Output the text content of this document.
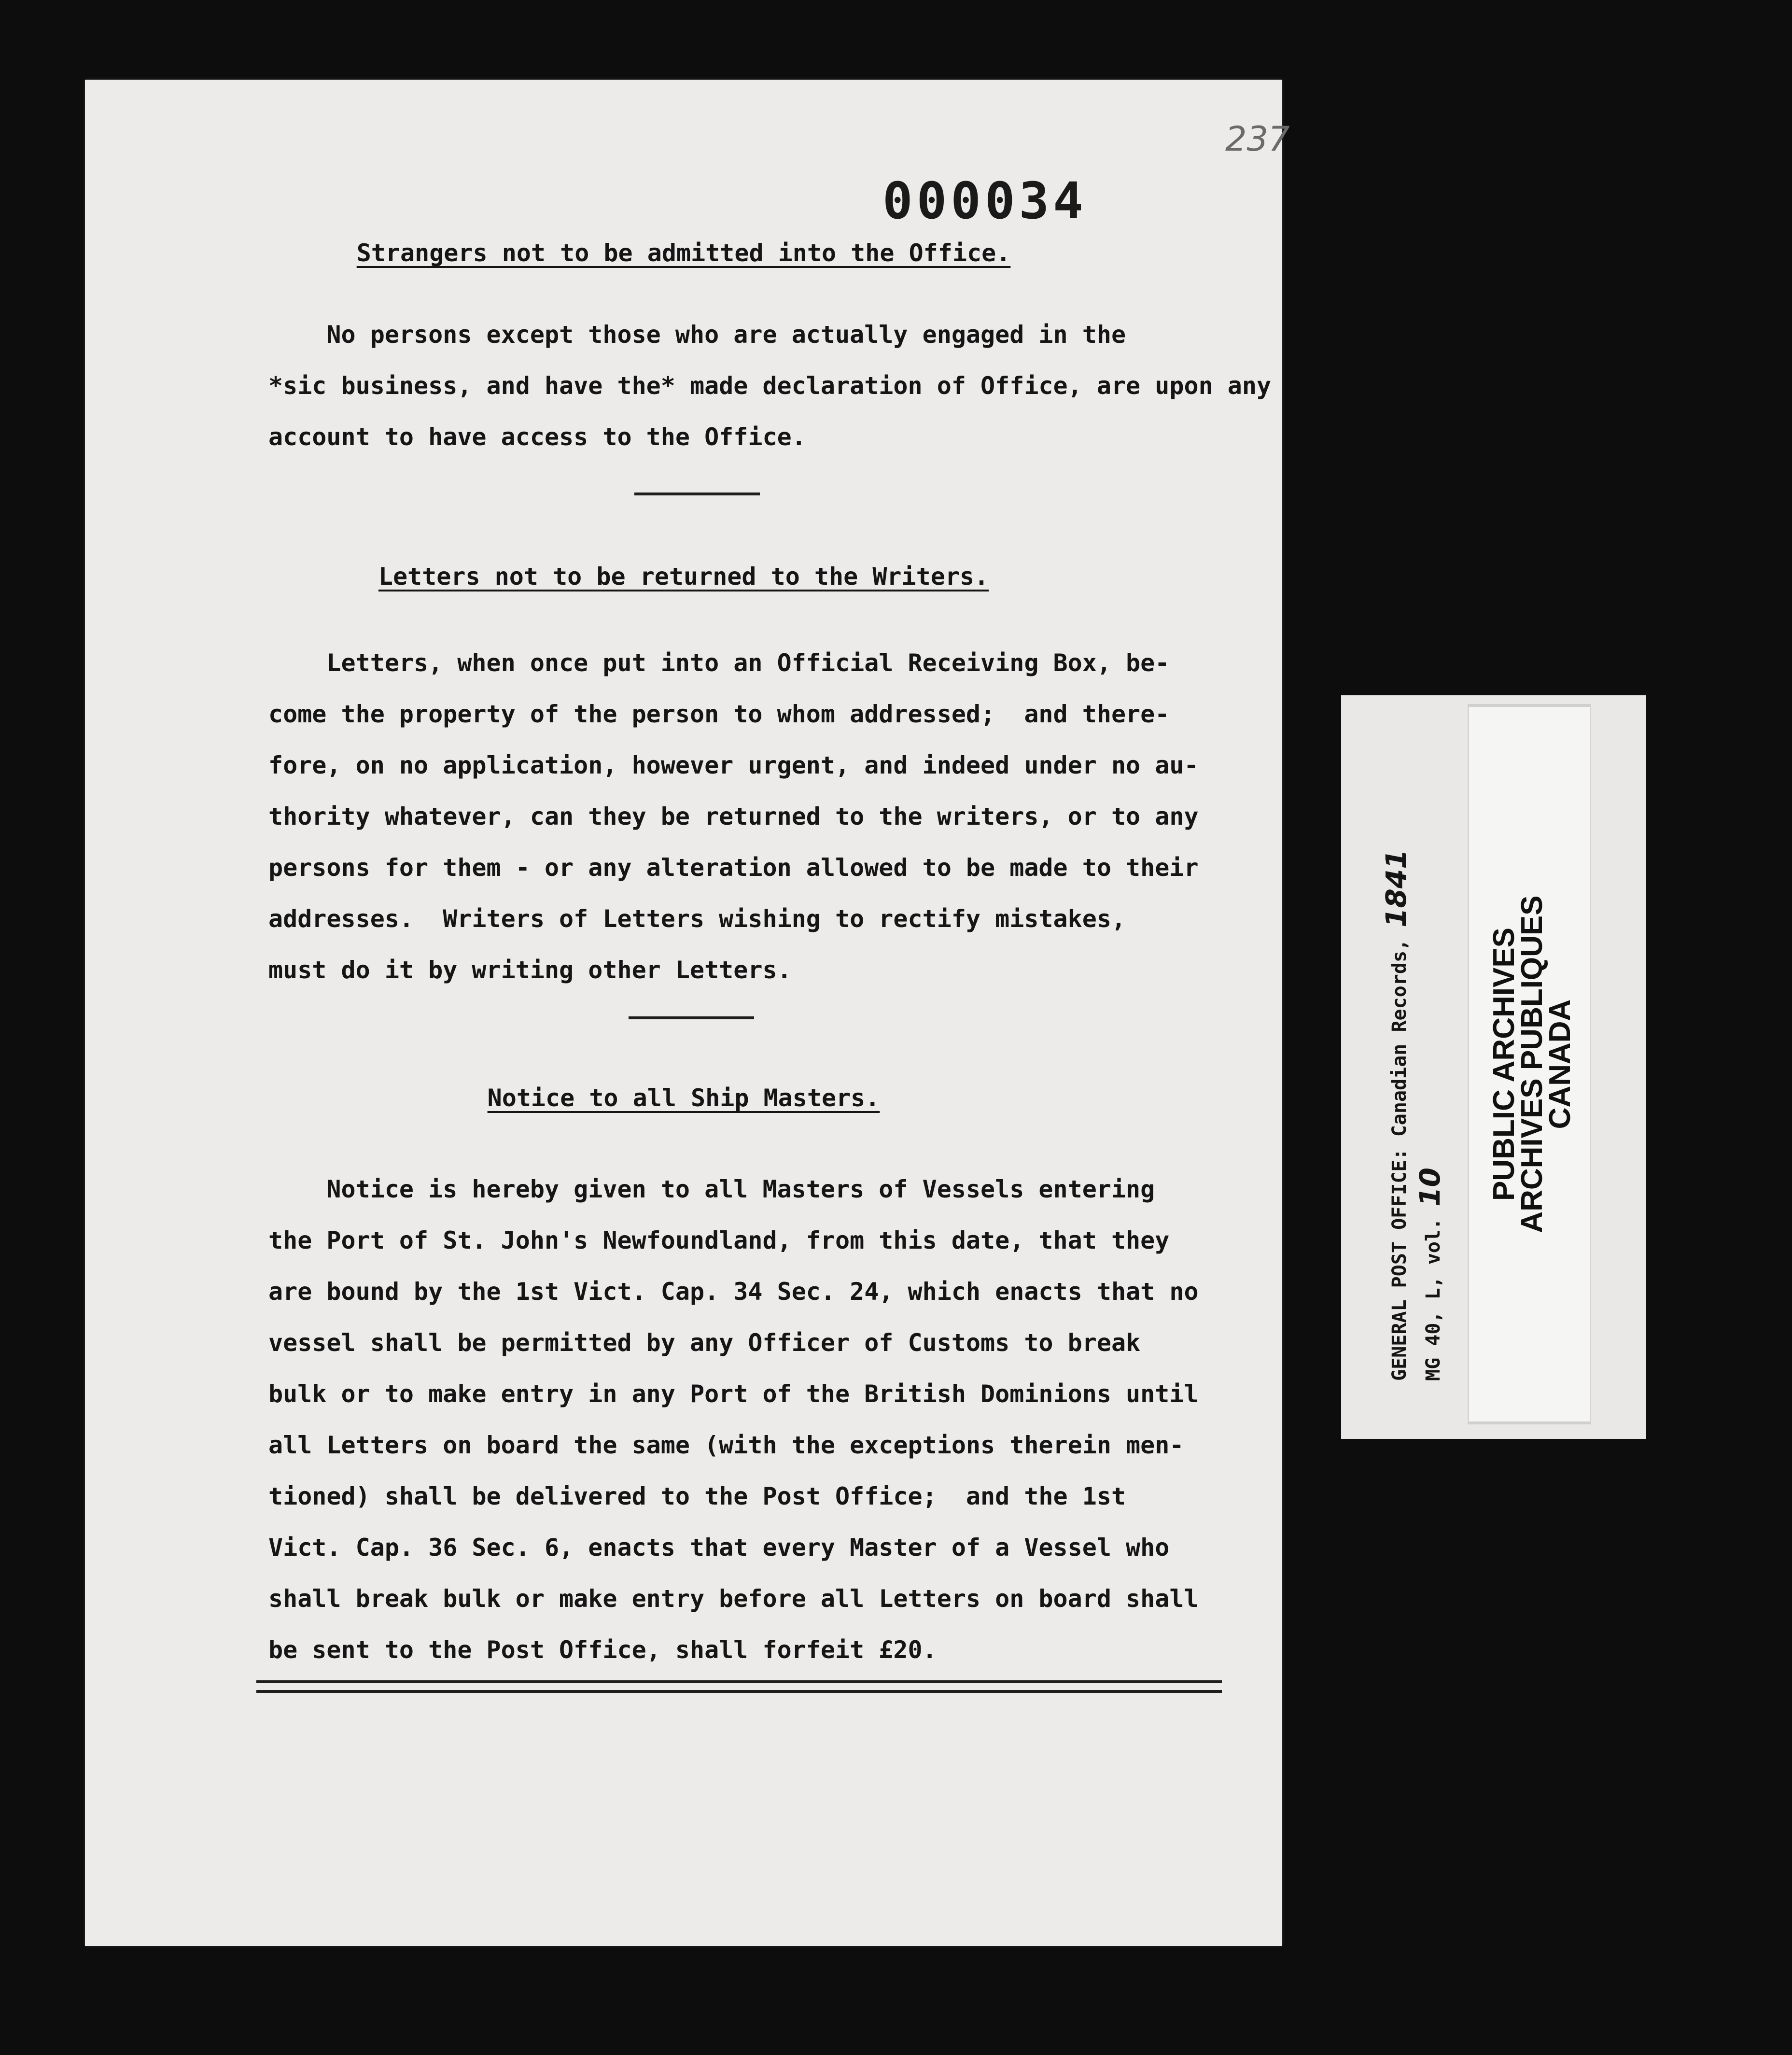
237
000034
Strangers not to be admitted into the Office.
No persons except those who are actually engaged in the
*sic business, and have the* made declaration of Office, are upon any
account to have access to the Office.
Letters not to be returned to the Writers.
Letters, when once put into an Official Receiving Box, be-
come the property of the person to whom addressed;  and there-
fore, on no application, however urgent, and indeed under no au-
thority whatever, can they be returned to the writers, or to any
persons for them - or any alteration allowed to be made to their
addresses.  Writers of Letters wishing to rectify mistakes,
must do it by writing other Letters.
Notice to all Ship Masters.
Notice is hereby given to all Masters of Vessels entering
the Port of St. John's Newfoundland, from this date, that they
are bound by the 1st Vict. Cap. 34 Sec. 24, which enacts that no
vessel shall be permitted by any Officer of Customs to break
bulk or to make entry in any Port of the British Dominions until
all Letters on board the same (with the exceptions therein men-
tioned) shall be delivered to the Post Office;  and the 1st
Vict. Cap. 36 Sec. 6, enacts that every Master of a Vessel who
shall break bulk or make entry before all Letters on board shall
be sent to the Post Office, shall forfeit £20.
GENERAL POST OFFICE: Canadian Records, 1841
MG 40, L, vol. 10 PUBLIC ARCHIVES
ARCHIVES PUBLIQUES
CANADA
